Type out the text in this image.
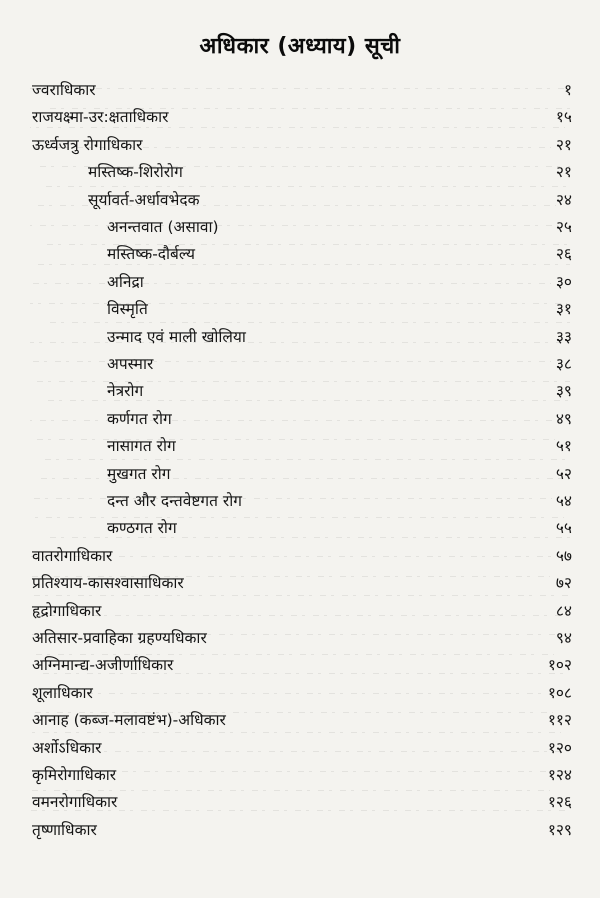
अधिकार (अध्याय) सूची
ज्वराधिकार	१
राजयक्ष्मा-उर:क्षताधिकार	१५
ऊर्ध्वजत्रु रोगाधिकार	२१
मस्तिष्क-शिरोरोग	२१
सूर्यावर्त-अर्धावभेदक	२४
अनन्तवात (असावा)	२५
मस्तिष्क-दौर्बल्य	२६
अनिद्रा	३०
विस्मृति	३१
उन्माद एवं माली खोलिया	३३
अपस्मार	३८
नेत्ररोग	३९
कर्णगत रोग	४९
नासागत रोग	५१
मुखगत रोग	५२
दन्त और दन्तवेष्टगत रोग	५४
कण्ठगत रोग	५५
वातरोगाधिकार	५७
प्रतिश्याय-कासश्वासाधिकार	७२
हृद्रोगाधिकार	८४
अतिसार-प्रवाहिका ग्रहण्यधिकार	९४
अग्निमान्द्य-अजीर्णाधिकार	१०२
शूलाधिकार	१०८
आनाह (कब्ज-मलावष्टंभ)-अधिकार	११२
अर्शोऽधिकार	१२०
कृमिरोगाधिकार	१२४
वमनरोगाधिकार	१२६
तृष्णाधिकार	१२९
